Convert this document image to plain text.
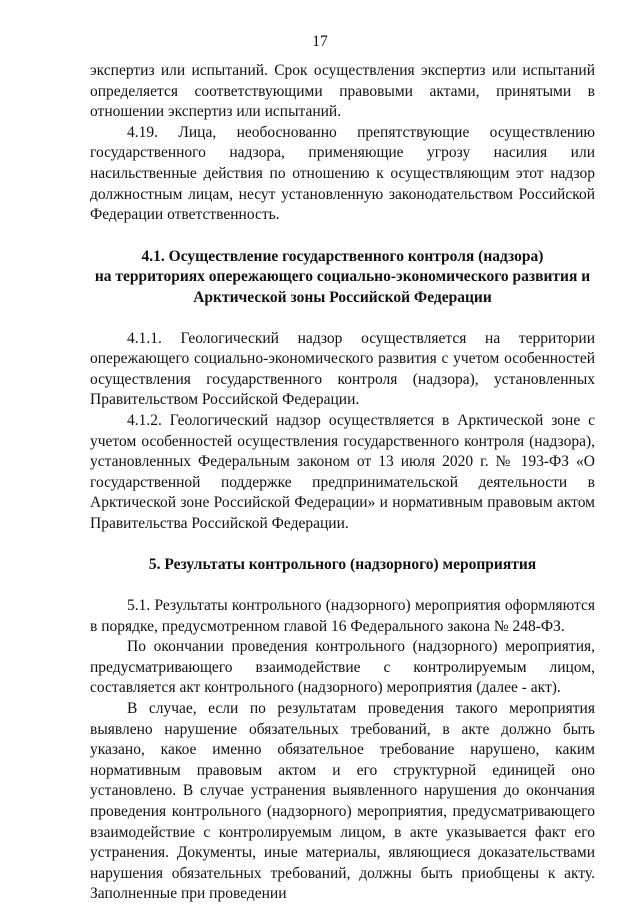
17

экспертиз или испытаний. Срок осуществления экспертиз или испытаний определяется соответствующими правовыми актами, принятыми в отношении экспертиз или испытаний.

4.19. Лица, необоснованно препятствующие осуществлению государственного надзора, применяющие угрозу насилия или насильственные действия по отношению к осуществляющим этот надзор должностным лицам, несут установленную законодательством Российской Федерации ответственность.

4.1. Осуществление государственного контроля (надзора)

на территориях опережающего социально-экономического развития и

Арктической зоны Российской Федерации

4.1.1. Геологический надзор осуществляется на территории опережающего социально-экономического развития с учетом особенностей осуществления государственного контроля (надзора), установленных Правительством Российской Федерации.

4.1.2. Геологический надзор осуществляется в Арктической зоне с учетом особенностей осуществления государственного контроля (надзора), установленных Федеральным законом от 13 июля 2020 г. № 193-ФЗ «О государственной поддержке предпринимательской деятельности в Арктической зоне Российской Федерации» и нормативным правовым актом Правительства Российской Федерации.

5. Результаты контрольного (надзорного) мероприятия

5.1. Результаты контрольного (надзорного) мероприятия оформляются в порядке, предусмотренном главой 16 Федерального закона № 248-ФЗ.

По окончании проведения контрольного (надзорного) мероприятия, предусматривающего взаимодействие с контролируемым лицом, составляется акт контрольного (надзорного) мероприятия (далее - акт).

В случае, если по результатам проведения такого мероприятия выявлено нарушение обязательных требований, в акте должно быть указано, какое именно обязательное требование нарушено, каким нормативным правовым актом и его структурной единицей оно установлено. В случае устранения выявленного нарушения до окончания проведения контрольного (надзорного) мероприятия, предусматривающего взаимодействие с контролируемым лицом, в акте указывается факт его устранения. Документы, иные материалы, являющиеся доказательствами нарушения обязательных требований, должны быть приобщены к акту. Заполненные при проведении
